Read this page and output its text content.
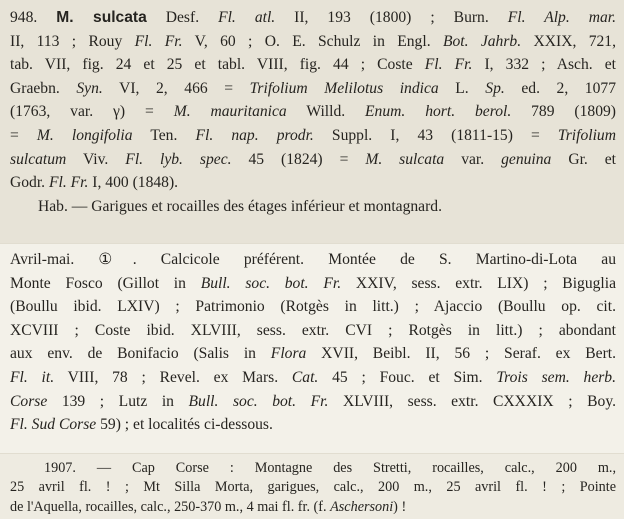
948. M. sulcata Desf. Fl. atl. II, 193 (1800) ; Burn. Fl. Alp. mar.
II, 113 ; Rouy Fl. Fr. V, 60 ; O. E. Schulz in Engl. Bot. Jahrb. XXIX, 721,
tab. VII, fig. 24 et 25 et tabl. VIII, fig. 44 ; Coste Fl. Fr. I, 332 ; Asch. et
Graebn. Syn. VI, 2, 466 = Trifolium Melilotus indica L. Sp. ed. 2, 1077
(1763, var. γ) = M. mauritanica Willd. Enum. hort. berol. 789 (1809)
= M. longifolia Ten. Fl. nap. prodr. Suppl. I, 43 (1811-15) = Trifolium
sulcatum Viv. Fl. lyb. spec. 45 (1824) = M. sulcata var. genuina Gr. et
Godr. Fl. Fr. I, 400 (1848).
Hab. — Garigues et rocailles des étages inférieur et montagnard.
Avril-mai. ①. Calcicole préférent. Montée de S. Martino-di-Lota au
Monte Fosco (Gillot in Bull. soc. bot. Fr. XXIV, sess. extr. LIX) ; Biguglia
(Boullu ibid. LXIV) ; Patrimonio (Rotgès in litt.) ; Ajaccio (Boullu op. cit.
XCVIII ; Coste ibid. XLVIII, sess. extr. CVI ; Rotgès in litt.) ; abondant
aux env. de Bonifacio (Salis in Flora XVII, Beibl. II, 56 ; Seraf. ex Bert.
Fl. it. VIII, 78 ; Revel. ex Mars. Cat. 45 ; Fouc. et Sim. Trois sem. herb.
Corse 139 ; Lutz in Bull. soc. bot. Fr. XLVIII, sess. extr. CXXXIX ; Boy.
Fl. Sud Corse 59) ; et localités ci-dessous.
1907. — Cap Corse : Montagne des Stretti, rocailles, calc., 200 m.,
25 avril fl. ! ; Mt Silla Morta, garigues, calc., 200 m., 25 avril fl. ! ; Pointe
de l'Aquella, rocailles, calc., 250-370 m., 4 mai fl. fr. (f. Aschersoni) !
